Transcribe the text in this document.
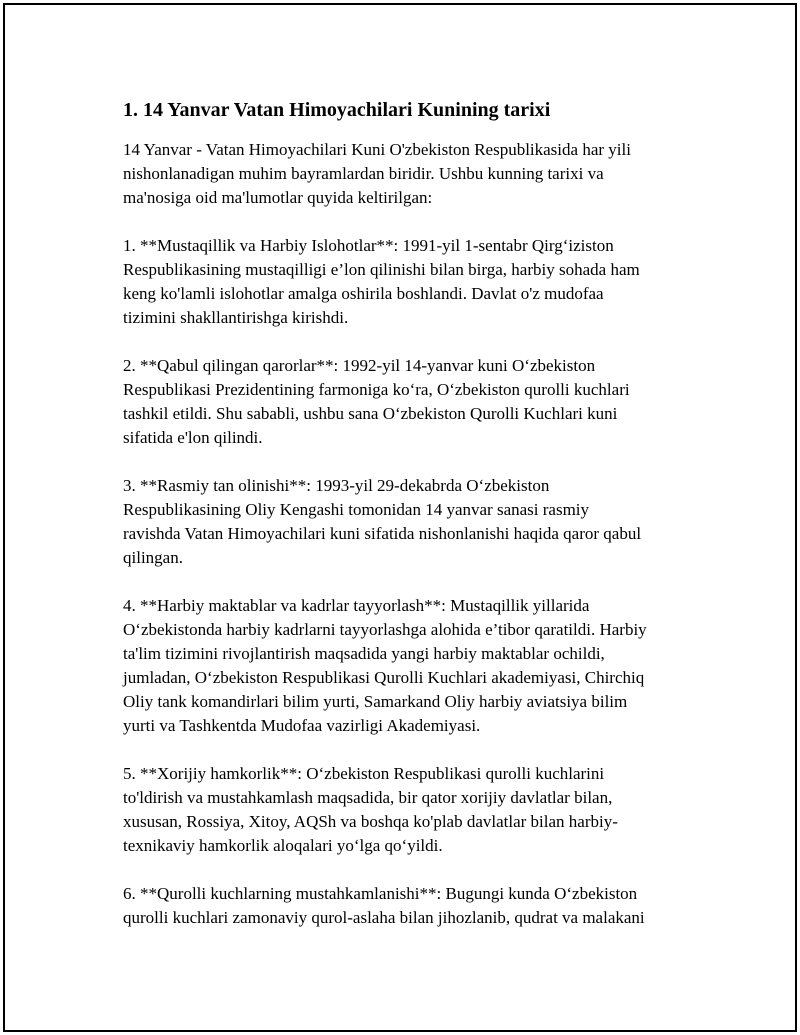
1. 14 Yanvar Vatan Himoyachilari Kunining tarixi

14 Yanvar - Vatan Himoyachilari Kuni O'zbekiston Respublikasida har yili
nishonlanadigan muhim bayramlardan biridir. Ushbu kunning tarixi va
ma'nosiga oid ma'lumotlar quyida keltirilgan:

1. **Mustaqillik va Harbiy Islohotlar**: 1991-yil 1-sentabr Qirg‘iziston
Respublikasining mustaqilligi e’lon qilinishi bilan birga, harbiy sohada ham
keng ko'lamli islohotlar amalga oshirila boshlandi. Davlat o'z mudofaa
tizimini shakllantirishga kirishdi.

2. **Qabul qilingan qarorlar**: 1992-yil 14-yanvar kuni O‘zbekiston
Respublikasi Prezidentining farmoniga ko‘ra, O‘zbekiston qurolli kuchlari
tashkil etildi. Shu sababli, ushbu sana O‘zbekiston Qurolli Kuchlari kuni
sifatida e'lon qilindi.

3. **Rasmiy tan olinishi**: 1993-yil 29-dekabrda O‘zbekiston
Respublikasining Oliy Kengashi tomonidan 14 yanvar sanasi rasmiy
ravishda Vatan Himoyachilari kuni sifatida nishonlanishi haqida qaror qabul
qilingan.

4. **Harbiy maktablar va kadrlar tayyorlash**: Mustaqillik yillarida
O‘zbekistonda harbiy kadrlarni tayyorlashga alohida e’tibor qaratildi. Harbiy
ta'lim tizimini rivojlantirish maqsadida yangi harbiy maktablar ochildi,
jumladan, O‘zbekiston Respublikasi Qurolli Kuchlari akademiyasi, Chirchiq
Oliy tank komandirlari bilim yurti, Samarkand Oliy harbiy aviatsiya bilim
yurti va Tashkentda Mudofaa vazirligi Akademiyasi.

5. **Xorijiy hamkorlik**: O‘zbekiston Respublikasi qurolli kuchlarini
to'ldirish va mustahkamlash maqsadida, bir qator xorijiy davlatlar bilan,
xususan, Rossiya, Xitoy, AQSh va boshqa ko'plab davlatlar bilan harbiy-
texnikaviy hamkorlik aloqalari yo‘lga qo‘yildi.

6. **Qurolli kuchlarning mustahkamlanishi**: Bugungi kunda O‘zbekiston
qurolli kuchlari zamonaviy qurol-aslaha bilan jihozlanib, qudrat va malakani
